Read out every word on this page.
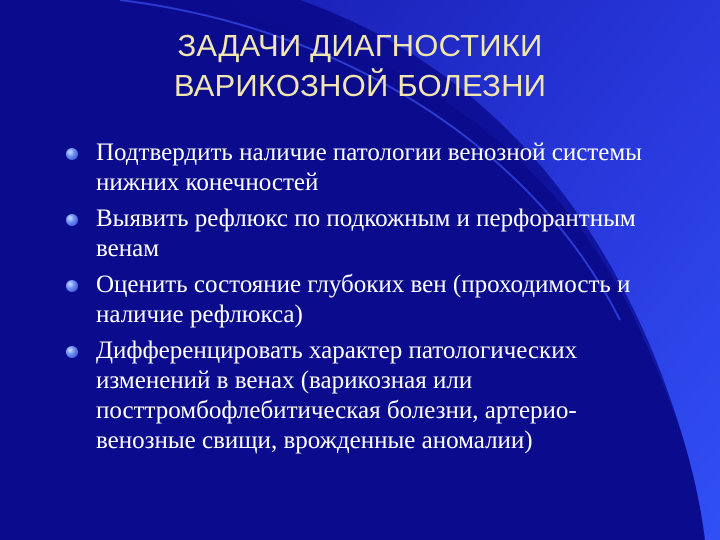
ЗАДАЧИ ДИАГНОСТИКИ
ВАРИКОЗНОЙ БОЛЕЗНИ
Подтвердить наличие патологии венозной системы нижних конечностей
Выявить рефлюкс по подкожным и перфорантным венам
Оценить состояние глубоких вен (проходимость и наличие рефлюкса)
Дифференцировать характер патологических изменений в венах (варикозная или посттромбофлебитическая болезни, артерио-венозные свищи, врожденные аномалии)
